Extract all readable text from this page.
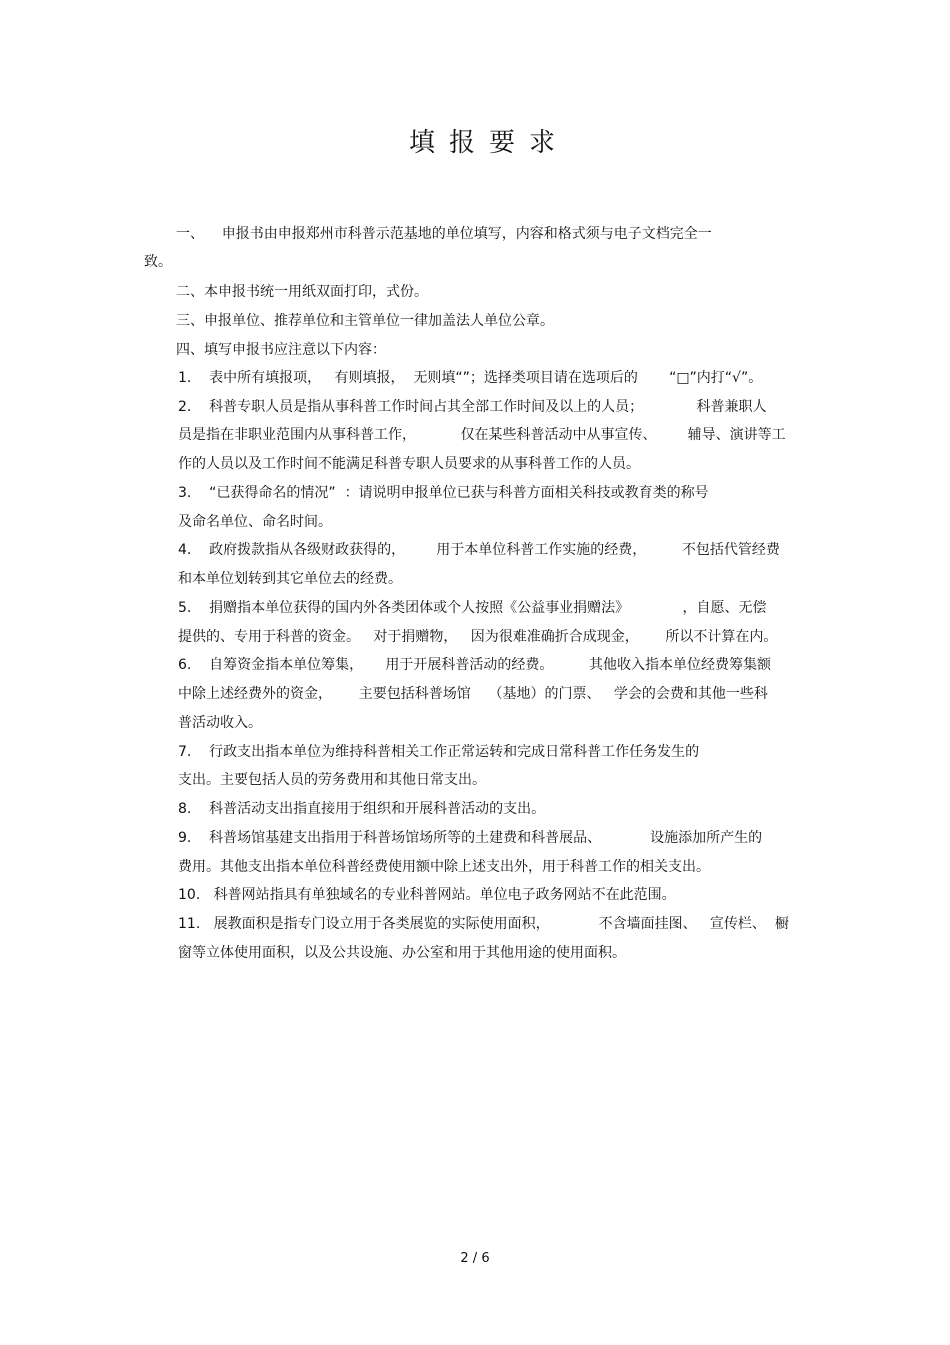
填报要求
一、    申报书由申报郑州市科普示范基地的单位填写，内容和格式须与电子文档完全一
致。
二、本申报书统一用纸双面打印，式份。
三、申报单位、推荐单位和主管单位一律加盖法人单位公章。
四、填写申报书应注意以下内容：
1.    表中所有填报项，   有则填报，  无则填“”；选择类项目请在选项后的       “□”内打“√”。
2.    科普专职人员是指从事科普工作时间占其全部工作时间及以上的人员；            科普兼职人
员是指在非职业范围内从事科普工作，          仅在某些科普活动中从事宣传、       辅导、演讲等工
作的人员以及工作时间不能满足科普专职人员要求的从事科普工作的人员。
3.    “已获得命名的情况”  ：请说明申报单位已获与科普方面相关科技或教育类的称号
及命名单位、命名时间。
4.    政府拨款指从各级财政获得的，       用于本单位科普工作实施的经费，        不包括代管经费
和本单位划转到其它单位去的经费。
5.    捐赠指本单位获得的国内外各类团体或个人按照《公益事业捐赠法》            ，自愿、无偿
提供的、专用于科普的资金。   对于捐赠物，   因为很难准确折合成现金，      所以不计算在内。
6.    自筹资金指本单位筹集，     用于开展科普活动的经费。        其他收入指本单位经费筹集额
中除上述经费外的资金，      主要包括科普场馆    （基地）的门票、   学会的会费和其他一些科
普活动收入。
7.    行政支出指本单位为维持科普相关工作正常运转和完成日常科普工作任务发生的
支出。主要包括人员的劳务费用和其他日常支出。
8.    科普活动支出指直接用于组织和开展科普活动的支出。
9.    科普场馆基建支出指用于科普场馆场所等的土建费和科普展品、           设施添加所产生的
费用。其他支出指本单位科普经费使用额中除上述支出外，用于科普工作的相关支出。
10.   科普网站指具有单独域名的专业科普网站。单位电子政务网站不在此范围。
11.   展教面积是指专门设立用于各类展览的实际使用面积，           不含墙面挂图、   宣传栏、  橱
窗等立体使用面积，以及公共设施、办公室和用于其他用途的使用面积。
2 / 6
